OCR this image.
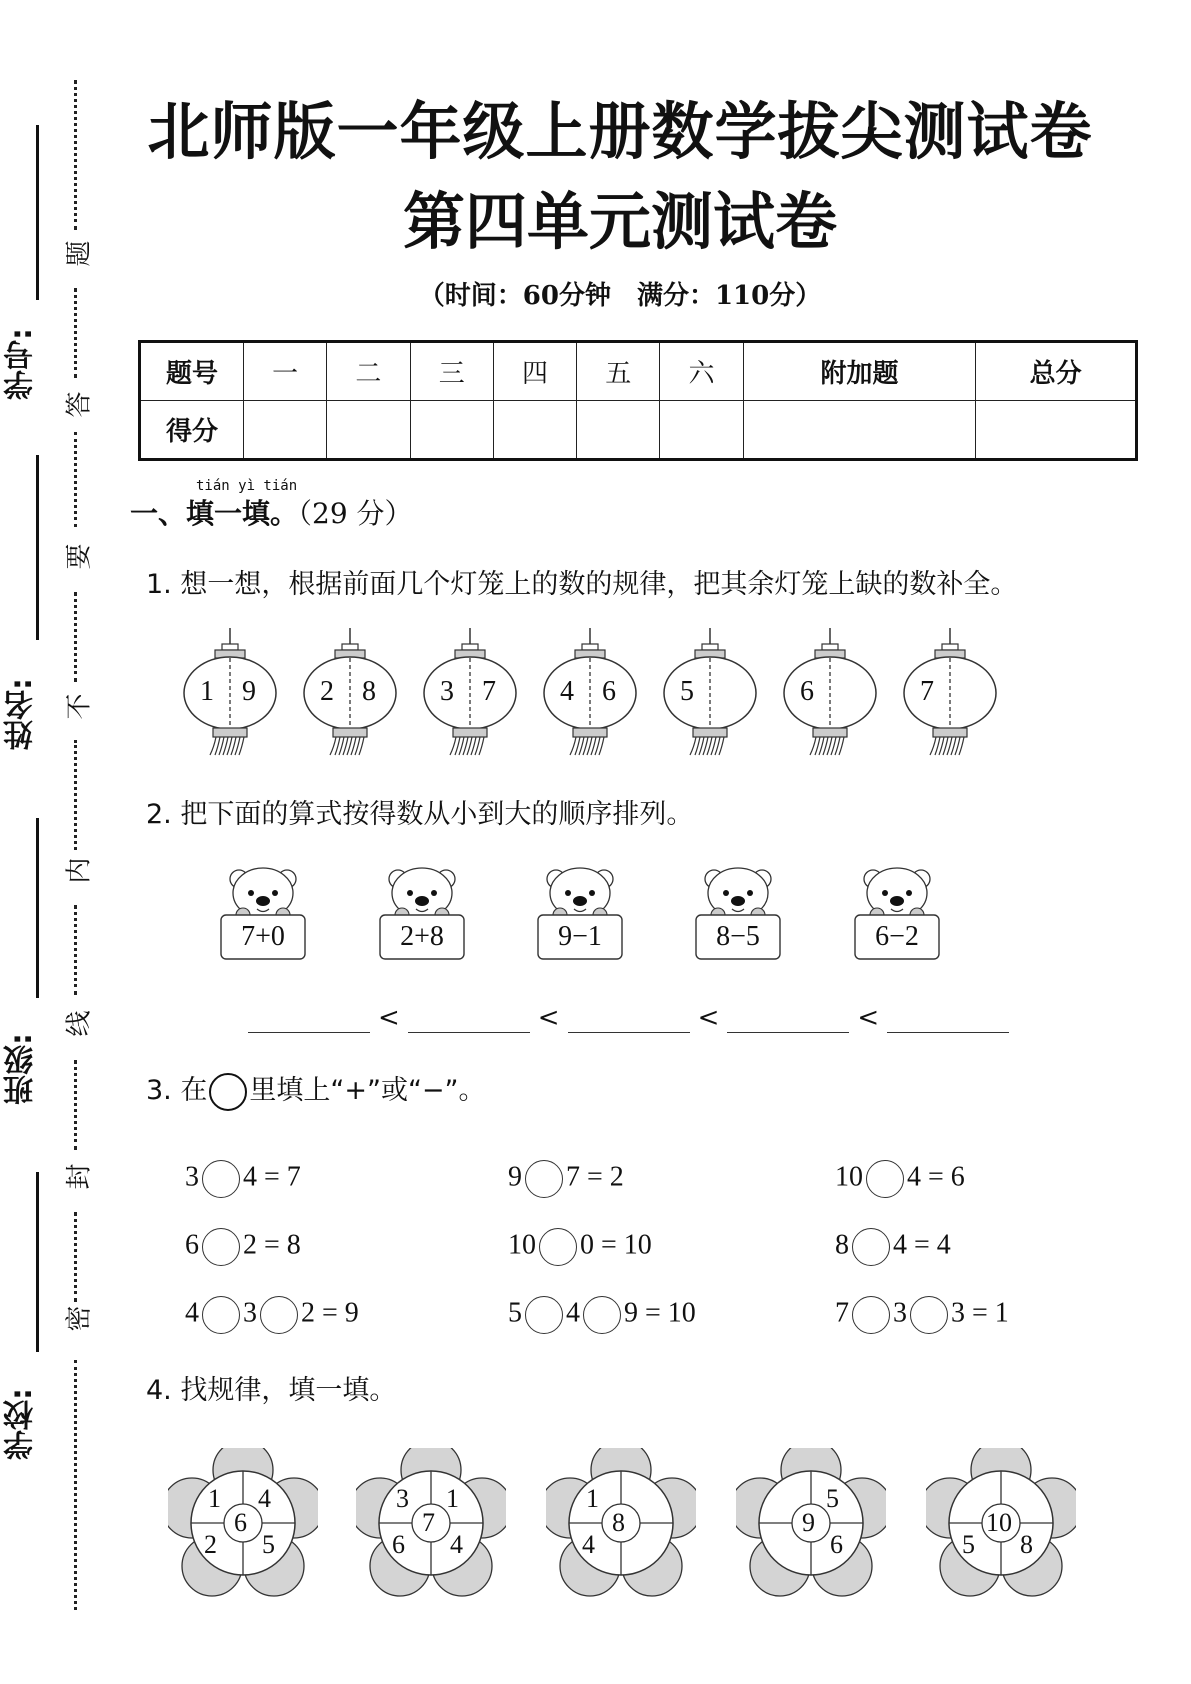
学号:
姓名:
班级:
学校:
题
答
要
不
内
线
封
密
北师版一年级上册数学拔尖测试卷
第四单元测试卷
（时间：60分钟　满分：110分）
题号	一	二	三	四	五	六	附加题	总分
得分								
tián yì tián
一、填一填。（29 分）
1. 想一想，根据前面几个灯笼上的数的规律，把其余灯笼上缺的数补全。
1 9 2 8 3 7 4 6 5	6	7
2. 把下面的算式按得数从小到大的顺序排列。
7+0	2+8	9−1	8−5	6−2
<	<	<	<
3. 在 里填上“+”或“−”。
3 4 = 7	9 7 = 2	10 4 = 6
6 2 = 8	10 0 = 10	8 4 = 4
4 3 2 = 9	5 4 9 = 10	7 3 3 = 1
4. 找规律，填一填。
6
1 4
2 5
7
3 1
6 4
8
1
4
9
5
6
10
5 8
